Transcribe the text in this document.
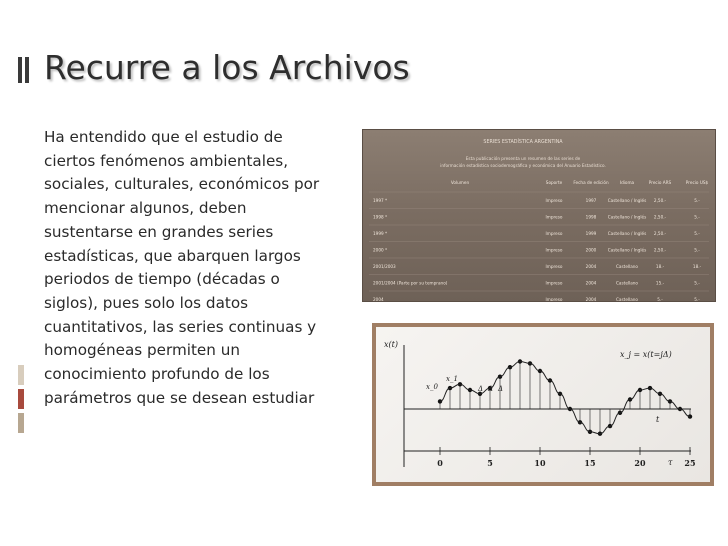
Recurre a los Archivos

Ha entendido que el estudio de
ciertos fenómenos ambientales,
sociales, culturales, económicos por
mencionar algunos, deben
sustentarse en grandes series
estadísticas, que abarquen largos
periodos de tiempo (décadas o
siglos), pues solo los datos
cuantitativos, las series continuas y
homogéneas permiten un
conocimiento profundo de los
parámetros que se desean estudiar

SERIES ESTADÍSTICA ARGENTINA
Esta publicación presenta un resumen de las series de
información estadística sociodemográfica y económica del Anuario Estadístico.
Volumen	Soporte	Fecha de edición	Idioma	Precio ARS	Precio US$
1997 *	Impreso	1997	Castellano / Inglés 2,50.-	5.-
1998 *	Impreso	1998	Castellano / Inglés 2,50.-	5.-
1999 *	Impreso	1999	Castellano / Inglés 2,50.-	5.-
2000 *	Impreso	2000	Castellano / Inglés 2,50.-	5.-
2001/2003	Impreso	2004	Castellano	18.-	18.-
2001/2004 (Parte por su temprano)	Impreso	2004	Castellano	15.-	5.-
2004	Impreso	2004	Castellano	5.-	5.-
x(t)
t
τ
x_j = x(t=jΔ)
0	5	10	15	20	25
x_0
x_1
Δ Δ Δ
